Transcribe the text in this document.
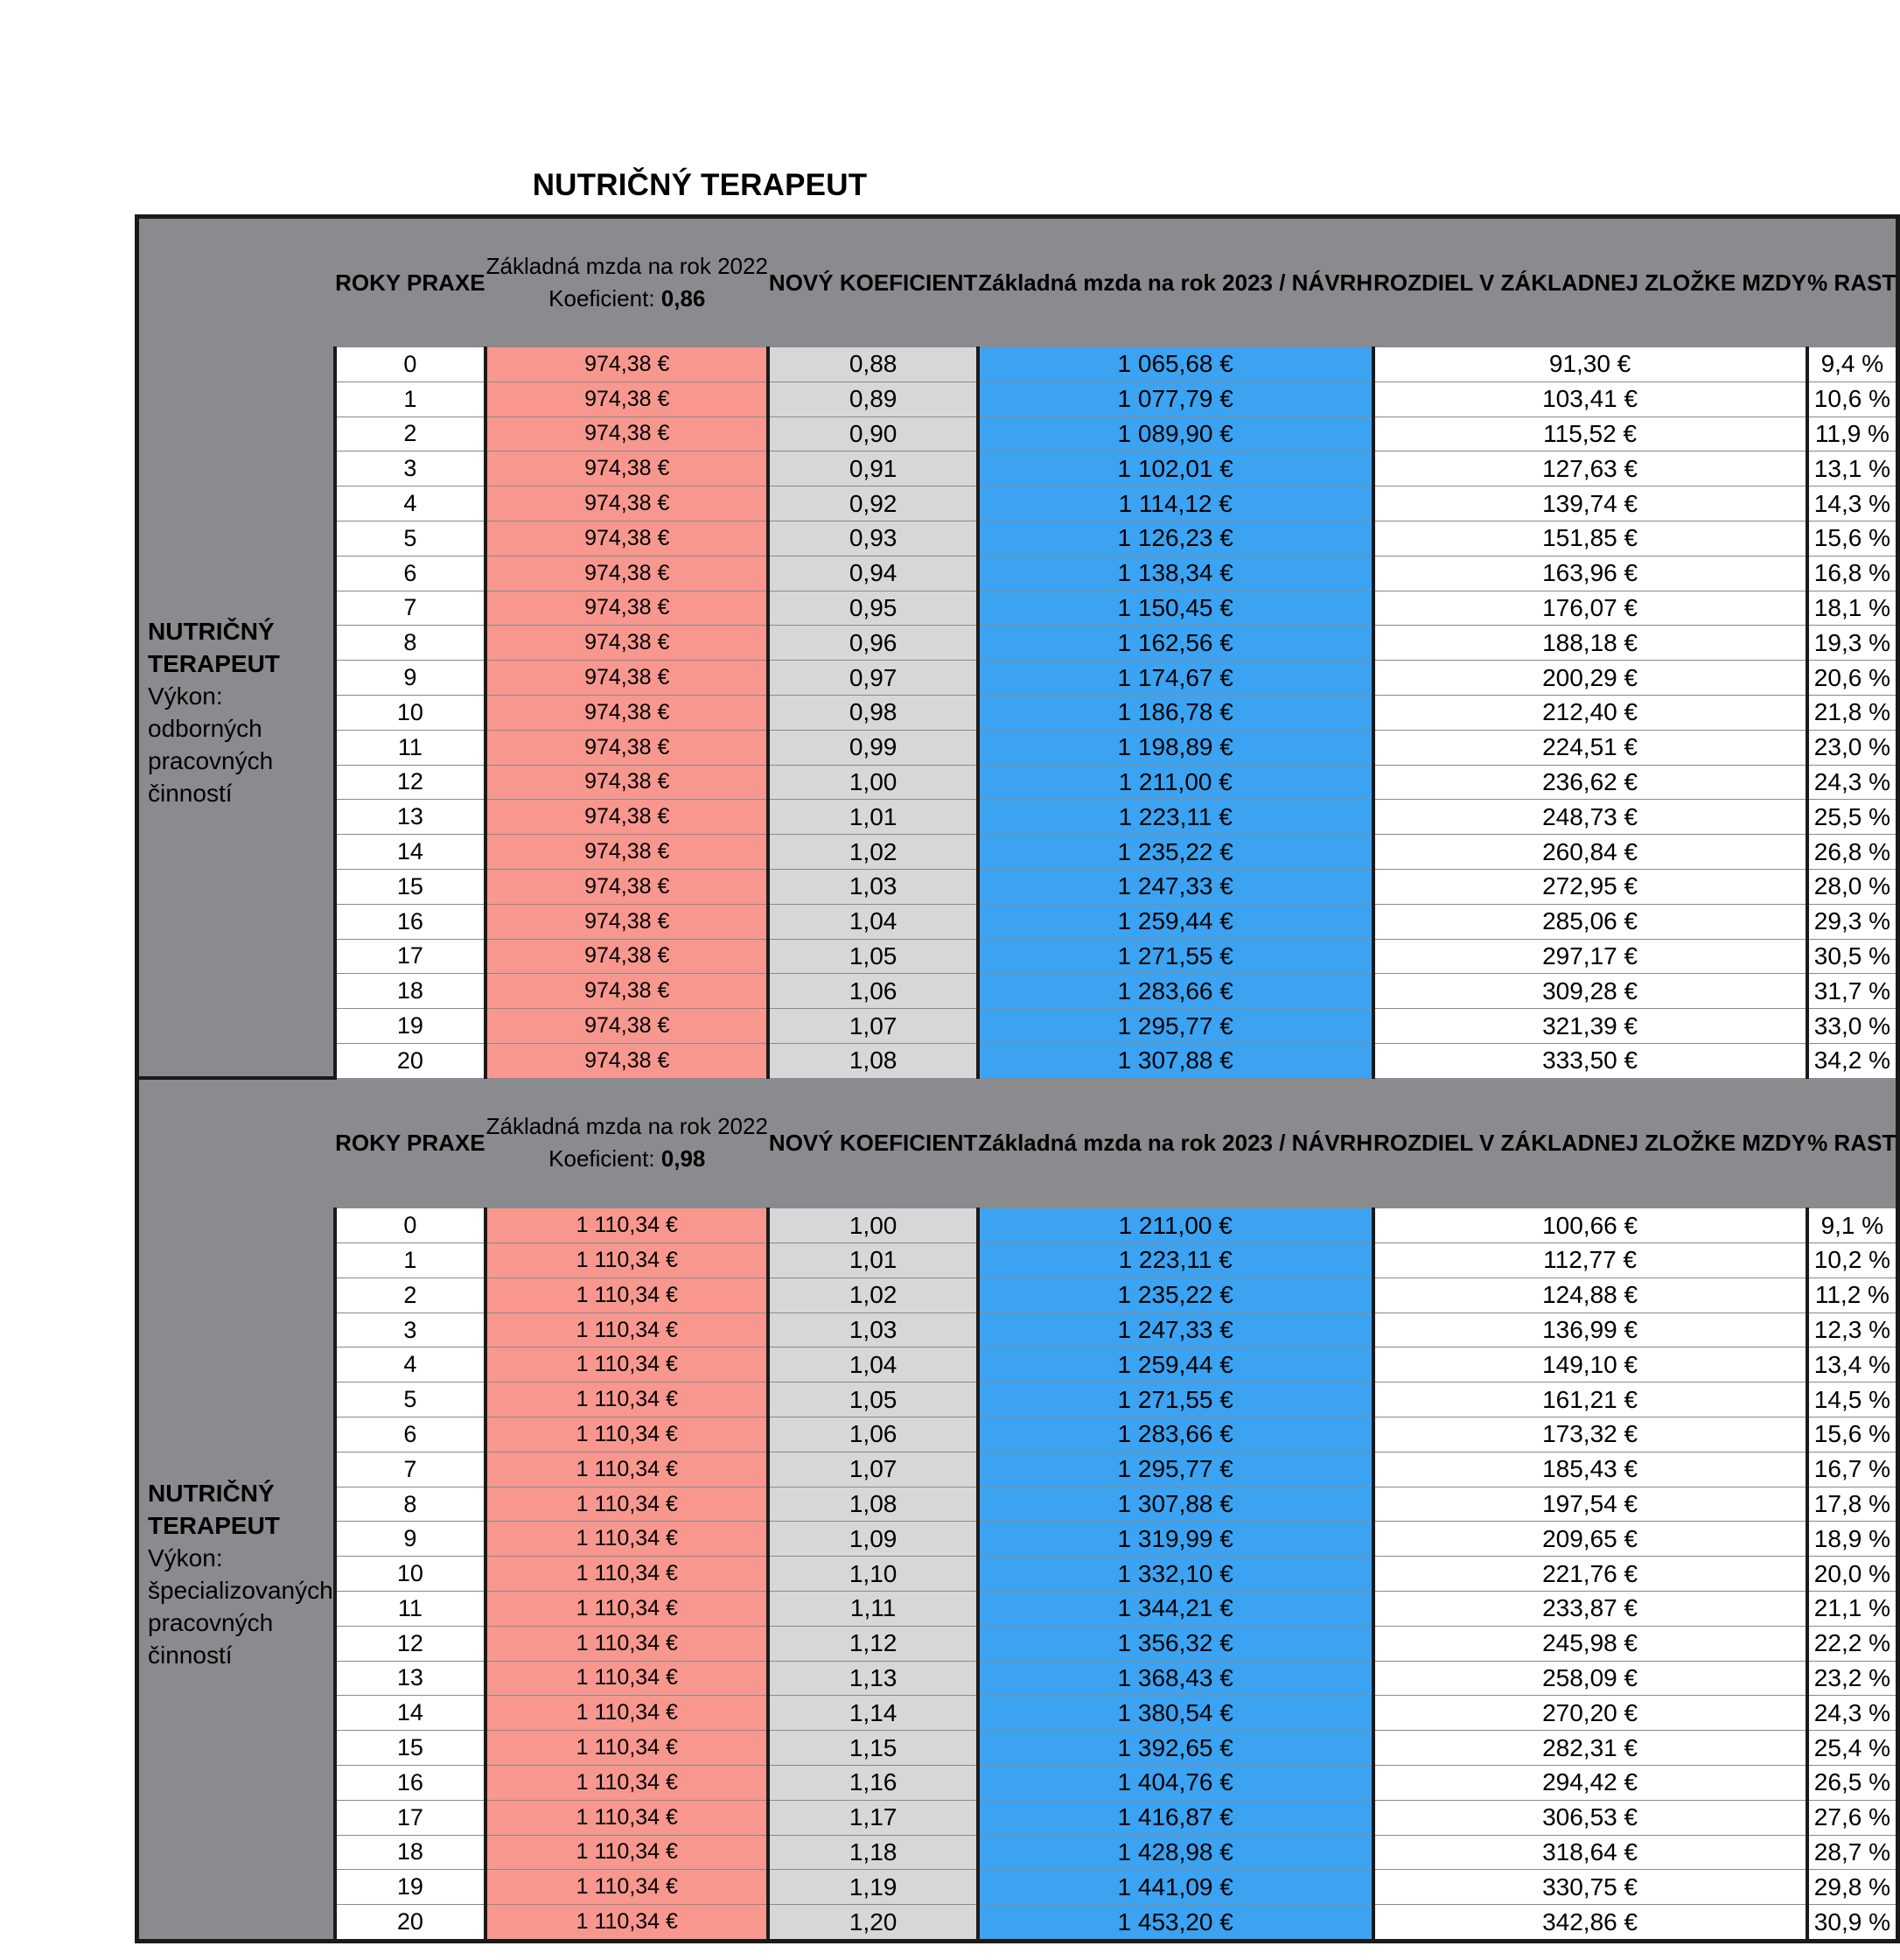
NUTRIČNÝ TERAPEUT
	ROKY PRAXE	Základná mzda na rok 2022
Koeficient: 0,86	NOVÝ KOEFICIENT	Základná mzda na rok 2023 / NÁVRH	ROZDIEL V ZÁKLADNEJ ZLOŽKE MZDY	% RAST

NUTRIČNÝ TERAPEUT
Výkon: odborných pracovných činností	0	974,38 €	0,88	1 065,68 €	91,30 €	9,4 %
	1	974,38 €	0,89	1 077,79 €	103,41 €	10,6 %
	2	974,38 €	0,90	1 089,90 €	115,52 €	11,9 %
	3	974,38 €	0,91	1 102,01 €	127,63 €	13,1 %
	4	974,38 €	0,92	1 114,12 €	139,74 €	14,3 %
	5	974,38 €	0,93	1 126,23 €	151,85 €	15,6 %
	6	974,38 €	0,94	1 138,34 €	163,96 €	16,8 %
	7	974,38 €	0,95	1 150,45 €	176,07 €	18,1 %
	8	974,38 €	0,96	1 162,56 €	188,18 €	19,3 %
	9	974,38 €	0,97	1 174,67 €	200,29 €	20,6 %
	10	974,38 €	0,98	1 186,78 €	212,40 €	21,8 %
	11	974,38 €	0,99	1 198,89 €	224,51 €	23,0 %
	12	974,38 €	1,00	1 211,00 €	236,62 €	24,3 %
	13	974,38 €	1,01	1 223,11 €	248,73 €	25,5 %
	14	974,38 €	1,02	1 235,22 €	260,84 €	26,8 %
	15	974,38 €	1,03	1 247,33 €	272,95 €	28,0 %
	16	974,38 €	1,04	1 259,44 €	285,06 €	29,3 %
	17	974,38 €	1,05	1 271,55 €	297,17 €	30,5 %
	18	974,38 €	1,06	1 283,66 €	309,28 €	31,7 %
	19	974,38 €	1,07	1 295,77 €	321,39 €	33,0 %
	20	974,38 €	1,08	1 307,88 €	333,50 €	34,2 %
	ROKY PRAXE	Základná mzda na rok 2022
Koeficient: 0,98	NOVÝ KOEFICIENT	Základná mzda na rok 2023 / NÁVRH	ROZDIEL V ZÁKLADNEJ ZLOŽKE MZDY	% RAST

NUTRIČNÝ TERAPEUT
Výkon: špecializovaných pracovných činností	0	1 110,34 €	1,00	1 211,00 €	100,66 €	9,1 %
	1	1 110,34 €	1,01	1 223,11 €	112,77 €	10,2 %
	2	1 110,34 €	1,02	1 235,22 €	124,88 €	11,2 %
	3	1 110,34 €	1,03	1 247,33 €	136,99 €	12,3 %
	4	1 110,34 €	1,04	1 259,44 €	149,10 €	13,4 %
	5	1 110,34 €	1,05	1 271,55 €	161,21 €	14,5 %
	6	1 110,34 €	1,06	1 283,66 €	173,32 €	15,6 %
	7	1 110,34 €	1,07	1 295,77 €	185,43 €	16,7 %
	8	1 110,34 €	1,08	1 307,88 €	197,54 €	17,8 %
	9	1 110,34 €	1,09	1 319,99 €	209,65 €	18,9 %
	10	1 110,34 €	1,10	1 332,10 €	221,76 €	20,0 %
	11	1 110,34 €	1,11	1 344,21 €	233,87 €	21,1 %
	12	1 110,34 €	1,12	1 356,32 €	245,98 €	22,2 %
	13	1 110,34 €	1,13	1 368,43 €	258,09 €	23,2 %
	14	1 110,34 €	1,14	1 380,54 €	270,20 €	24,3 %
	15	1 110,34 €	1,15	1 392,65 €	282,31 €	25,4 %
	16	1 110,34 €	1,16	1 404,76 €	294,42 €	26,5 %
	17	1 110,34 €	1,17	1 416,87 €	306,53 €	27,6 %
	18	1 110,34 €	1,18	1 428,98 €	318,64 €	28,7 %
	19	1 110,34 €	1,19	1 441,09 €	330,75 €	29,8 %
	20	1 110,34 €	1,20	1 453,20 €	342,86 €	30,9 %
